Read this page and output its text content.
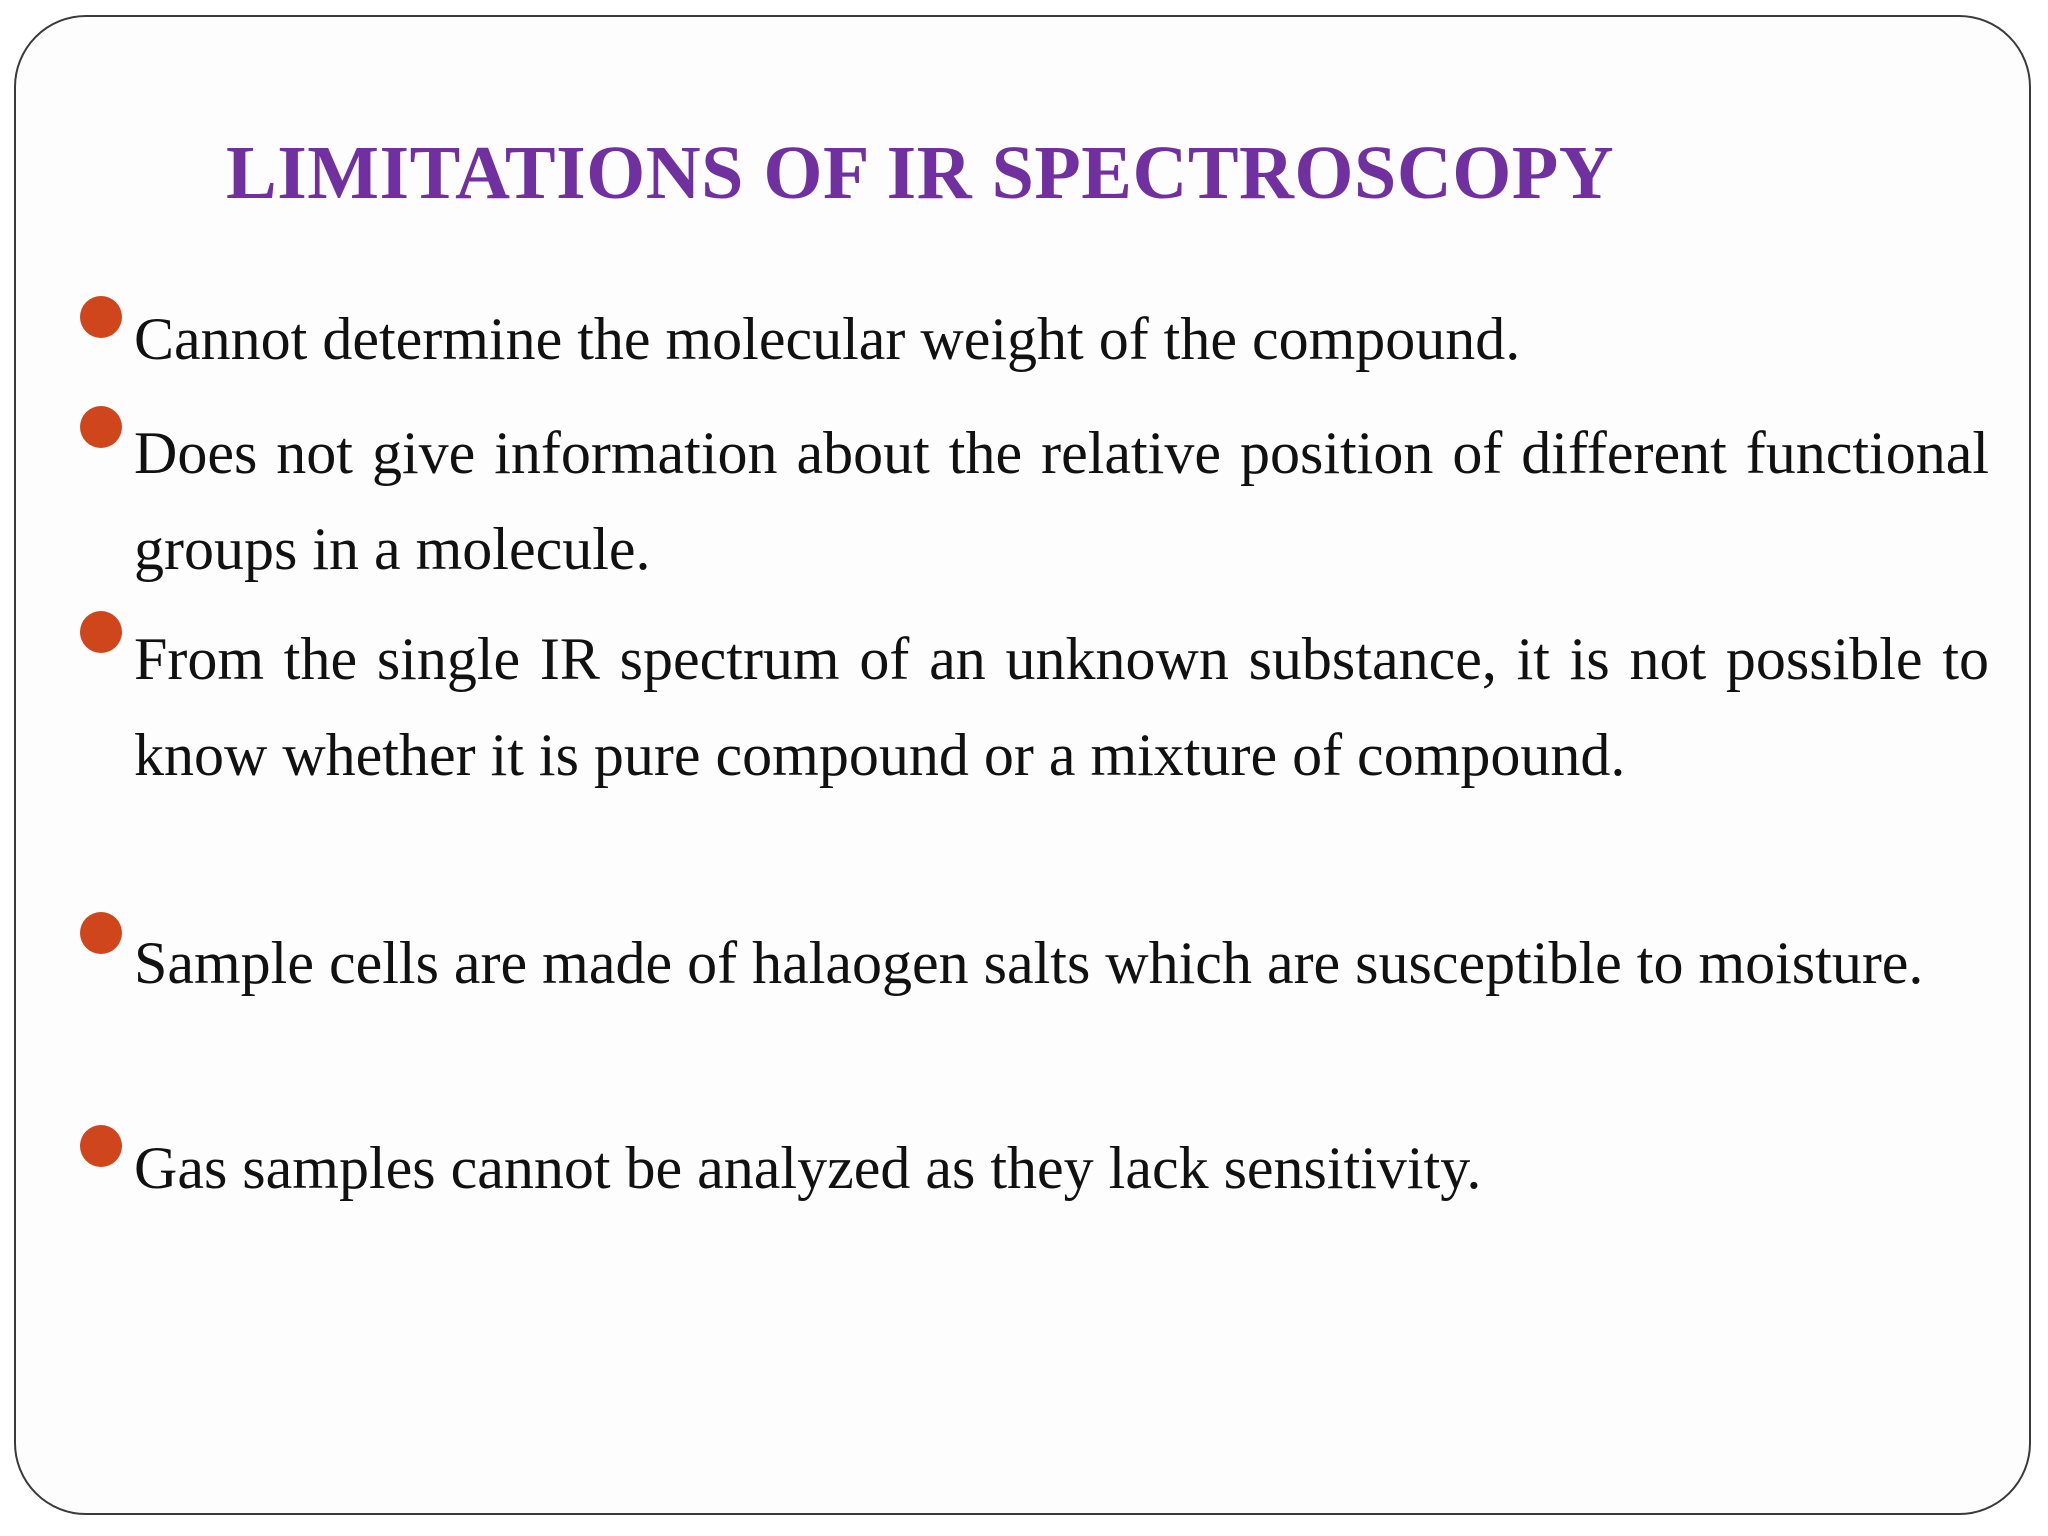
LIMITATIONS OF IR SPECTROSCOPY
Cannot determine the molecular weight of the compound.
Does not give information about the relative position of different functional groups in a molecule.
From the single IR spectrum of an unknown substance, it is not possible to know whether it is pure compound or a mixture of compound.
Sample cells are made of halaogen salts which are susceptible to moisture.
Gas samples cannot be analyzed as they lack sensitivity.
